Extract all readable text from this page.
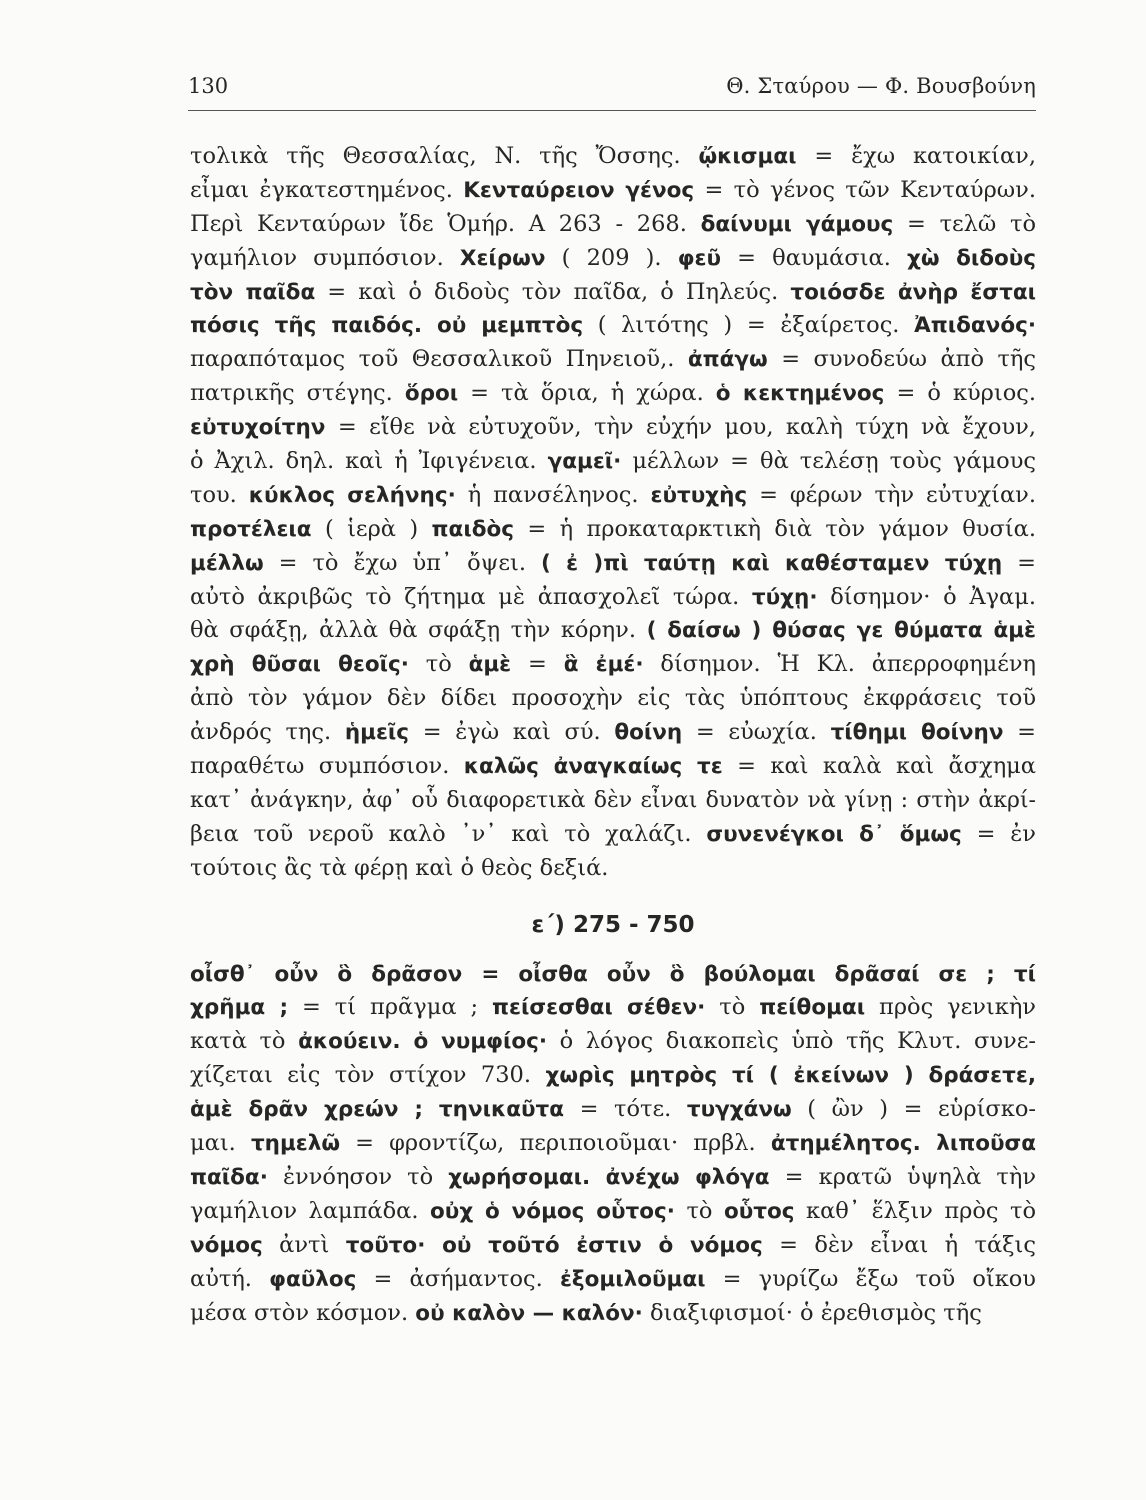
130	Θ. Σταύρου — Φ. Βουσβούνη
τολικὰ τῆς Θεσσαλίας, Ν. τῆς Ὄσσης. ᾤκισμαι = ἔχω κατοικίαν,
εἶμαι ἐγκατεστημένος. Κενταύρειον γένος = τὸ γένος τῶν Κενταύρων.
Περὶ Κενταύρων ἴδε Ὁμήρ. Α 263 - 268. δαίνυμι γάμους = τελῶ τὸ
γαμήλιον συμπόσιον. Χείρων ( 209 ). φεῦ = θαυμάσια. χὼ διδοὺς
τὸν παῖδα = καὶ ὁ διδοὺς τὸν παῖδα, ὁ Πηλεύς. τοιόσδε ἀνὴρ ἔσται
πόσις τῆς παιδός. οὐ μεμπτὸς ( λιτότης ) = ἐξαίρετος. Ἀπιδανός·
παραπόταμος τοῦ Θεσσαλικοῦ Πηνειοῦ,. ἀπάγω = συνοδεύω ἀπὸ τῆς
πατρικῆς στέγης. ὅροι = τὰ ὅρια, ἡ χώρα. ὁ κεκτημένος = ὁ κύριος.
εὐτυχοίτην = εἴθε νὰ εὐτυχοῦν, τὴν εὐχήν μου, καλὴ τύχη νὰ ἔχουν,
ὁ Ἀχιλ. δηλ. καὶ ἡ Ἰφιγένεια. γαμεῖ· μέλλων = θὰ τελέσῃ τοὺς γάμους
του. κύκλος σελήνης· ἡ πανσέληνος. εὐτυχὴς = φέρων τὴν εὐτυχίαν.
προτέλεια ( ἱερὰ ) παιδὸς = ἡ προκαταρκτικὴ διὰ τὸν γάμον θυσία.
μέλλω = τὸ ἔχω ὑπ᾽ ὄψει. ( ἐ )πὶ ταύτῃ καὶ καθέσταμεν τύχῃ =
αὐτὸ ἀκριβῶς τὸ ζήτημα μὲ ἀπασχολεῖ τώρα. τύχῃ· δίσημον· ὁ Ἀγαμ.
θὰ σφάξῃ, ἀλλὰ θὰ σφάξῃ τὴν κόρην. ( δαίσω ) θύσας γε θύματα ἁμὲ
χρὴ θῦσαι θεοῖς· τὸ ἁμὲ = ἃ ἐμέ· δίσημον. Ἡ Κλ. ἀπερροφημένη
ἀπὸ τὸν γάμον δὲν δίδει προσοχὴν εἰς τὰς ὑπόπτους ἐκφράσεις τοῦ
ἀνδρός της. ἡμεῖς = ἐγὼ καὶ σύ. θοίνη = εὐωχία. τίθημι θοίνην =
παραθέτω συμπόσιον. καλῶς ἀναγκαίως τε = καὶ καλὰ καὶ ἄσχημα
κατ᾽ ἀνάγκην, ἀφ᾽ οὗ διαφορετικὰ δὲν εἶναι δυνατὸν νὰ γίνῃ : στὴν ἀκρί-
βεια τοῦ νεροῦ καλὸ ᾽ν᾽ καὶ τὸ χαλάζι. συνενέγκοι δ᾽ ὅμως = ἐν
τούτοις ἂς τὰ φέρῃ καὶ ὁ θεὸς δεξιά.
ε΄) 275 - 750
οἶσθ᾽ οὖν ὃ δρᾶσον = οἶσθα οὖν ὃ βούλομαι δρᾶσαί σε ; τί
χρῆμα ; = τί πρᾶγμα ; πείσεσθαι σέθεν· τὸ πείθομαι πρὸς γενικὴν
κατὰ τὸ ἀκούειν. ὁ νυμφίος· ὁ λόγος διακοπεὶς ὑπὸ τῆς Κλυτ. συνε-
χίζεται εἰς τὸν στίχον 730. χωρὶς μητρὸς τί ( ἐκείνων ) δράσετε,
ἁμὲ δρᾶν χρεών ; τηνικαῦτα = τότε. τυγχάνω ( ὢν ) = εὑρίσκο-
μαι. τημελῶ = φροντίζω, περιποιοῦμαι· πρβλ. ἀτημέλητος. λιποῦσα
παῖδα· ἐννόησον τὸ χωρήσομαι. ἀνέχω φλόγα = κρατῶ ὑψηλὰ τὴν
γαμήλιον λαμπάδα. οὐχ ὁ νόμος οὗτος· τὸ οὗτος καθ᾽ ἕλξιν πρὸς τὸ
νόμος ἀντὶ τοῦτο· οὐ τοῦτό ἐστιν ὁ νόμος = δὲν εἶναι ἡ τάξις
αὐτή. φαῦλος = ἀσήμαντος. ἐξομιλοῦμαι = γυρίζω ἔξω τοῦ οἴκου
μέσα στὸν κόσμον. οὐ καλὸν — καλόν· διαξιφισμοί· ὁ ἐρεθισμὸς τῆς
